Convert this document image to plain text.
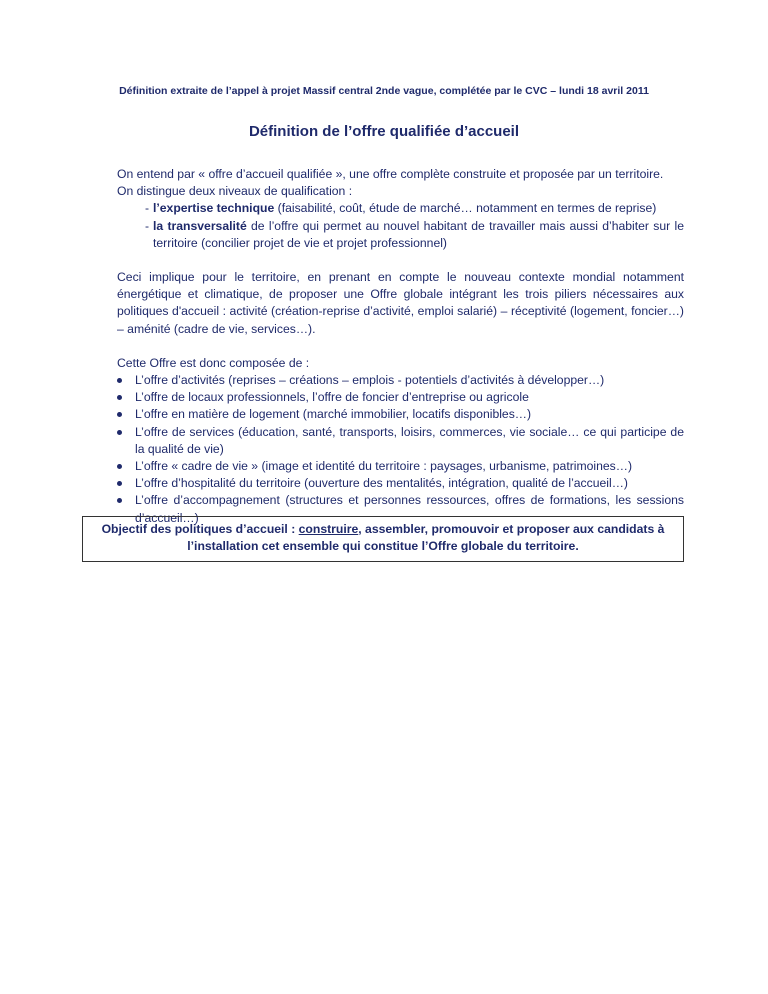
Définition extraite de l’appel à projet Massif central 2nde vague, complétée par le CVC – lundi 18 avril 2011
Définition de l’offre qualifiée d’accueil

On entend par « offre d’accueil qualifiée », une offre complète construite et proposée par un territoire.

On distingue deux niveaux de qualification :

- l’expertise technique (faisabilité, coût, étude de marché… notamment en termes de reprise)
- la transversalité de l’offre qui permet au nouvel habitant de travailler mais aussi d’habiter sur le territoire (concilier projet de vie et projet professionnel)

Ceci implique pour le territoire, en prenant en compte le nouveau contexte mondial notamment énergétique et climatique, de proposer une Offre globale intégrant les trois piliers nécessaires aux politiques d'accueil : activité (création-reprise d’activité, emploi salarié) – réceptivité (logement, foncier…) – aménité (cadre de vie, services…).

Cette Offre est donc composée de :

L’offre d’activités (reprises – créations – emplois - potentiels d’activités à développer…)
L’offre de locaux professionnels, l’offre de foncier d’entreprise ou agricole
L’offre en matière de logement (marché immobilier, locatifs disponibles…)
L’offre de services (éducation, santé, transports, loisirs, commerces, vie sociale… ce qui participe de la qualité de vie)
L’offre « cadre de vie » (image et identité du territoire : paysages, urbanisme, patrimoines…)
L’offre d’hospitalité du territoire (ouverture des mentalités, intégration, qualité de l’accueil…)
L’offre d’accompagnement (structures et personnes ressources, offres de formations, les sessions d’accueil…)
Objectif des politiques d’accueil : construire, assembler, promouvoir et proposer aux candidats à l’installation cet ensemble qui constitue l’Offre globale du territoire.
